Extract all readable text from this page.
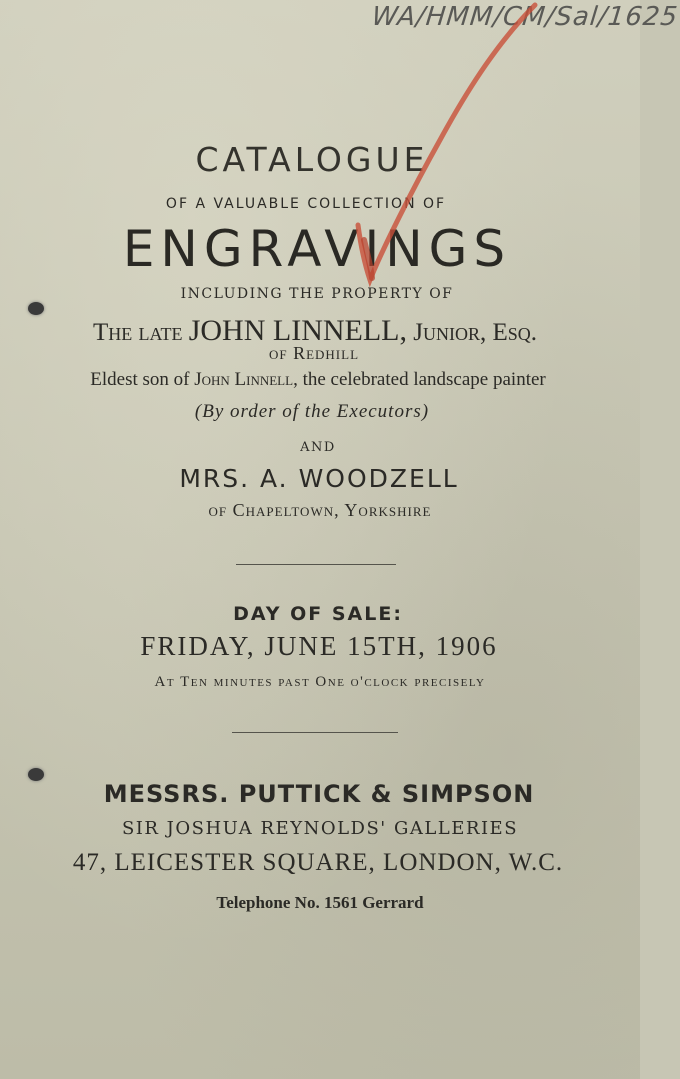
WA/HMM/CM/Sal/1625
CATALOGUE
OF A VALUABLE COLLECTION OF
ENGRAVINGS
INCLUDING THE PROPERTY OF
The late JOHN LINNELL, Junior, Esq.
of Redhill
Eldest son of John Linnell, the celebrated landscape painter
(By order of the Executors)
AND
MRS. A. WOODZELL
of Chapeltown, Yorkshire
DAY OF SALE:
FRIDAY, JUNE 15TH, 1906
At Ten minutes past One o'clock precisely
MESSRS. PUTTICK & SIMPSON
SIR JOSHUA REYNOLDS' GALLERIES
47, LEICESTER SQUARE, LONDON, W.C.
Telephone No. 1561 Gerrard
